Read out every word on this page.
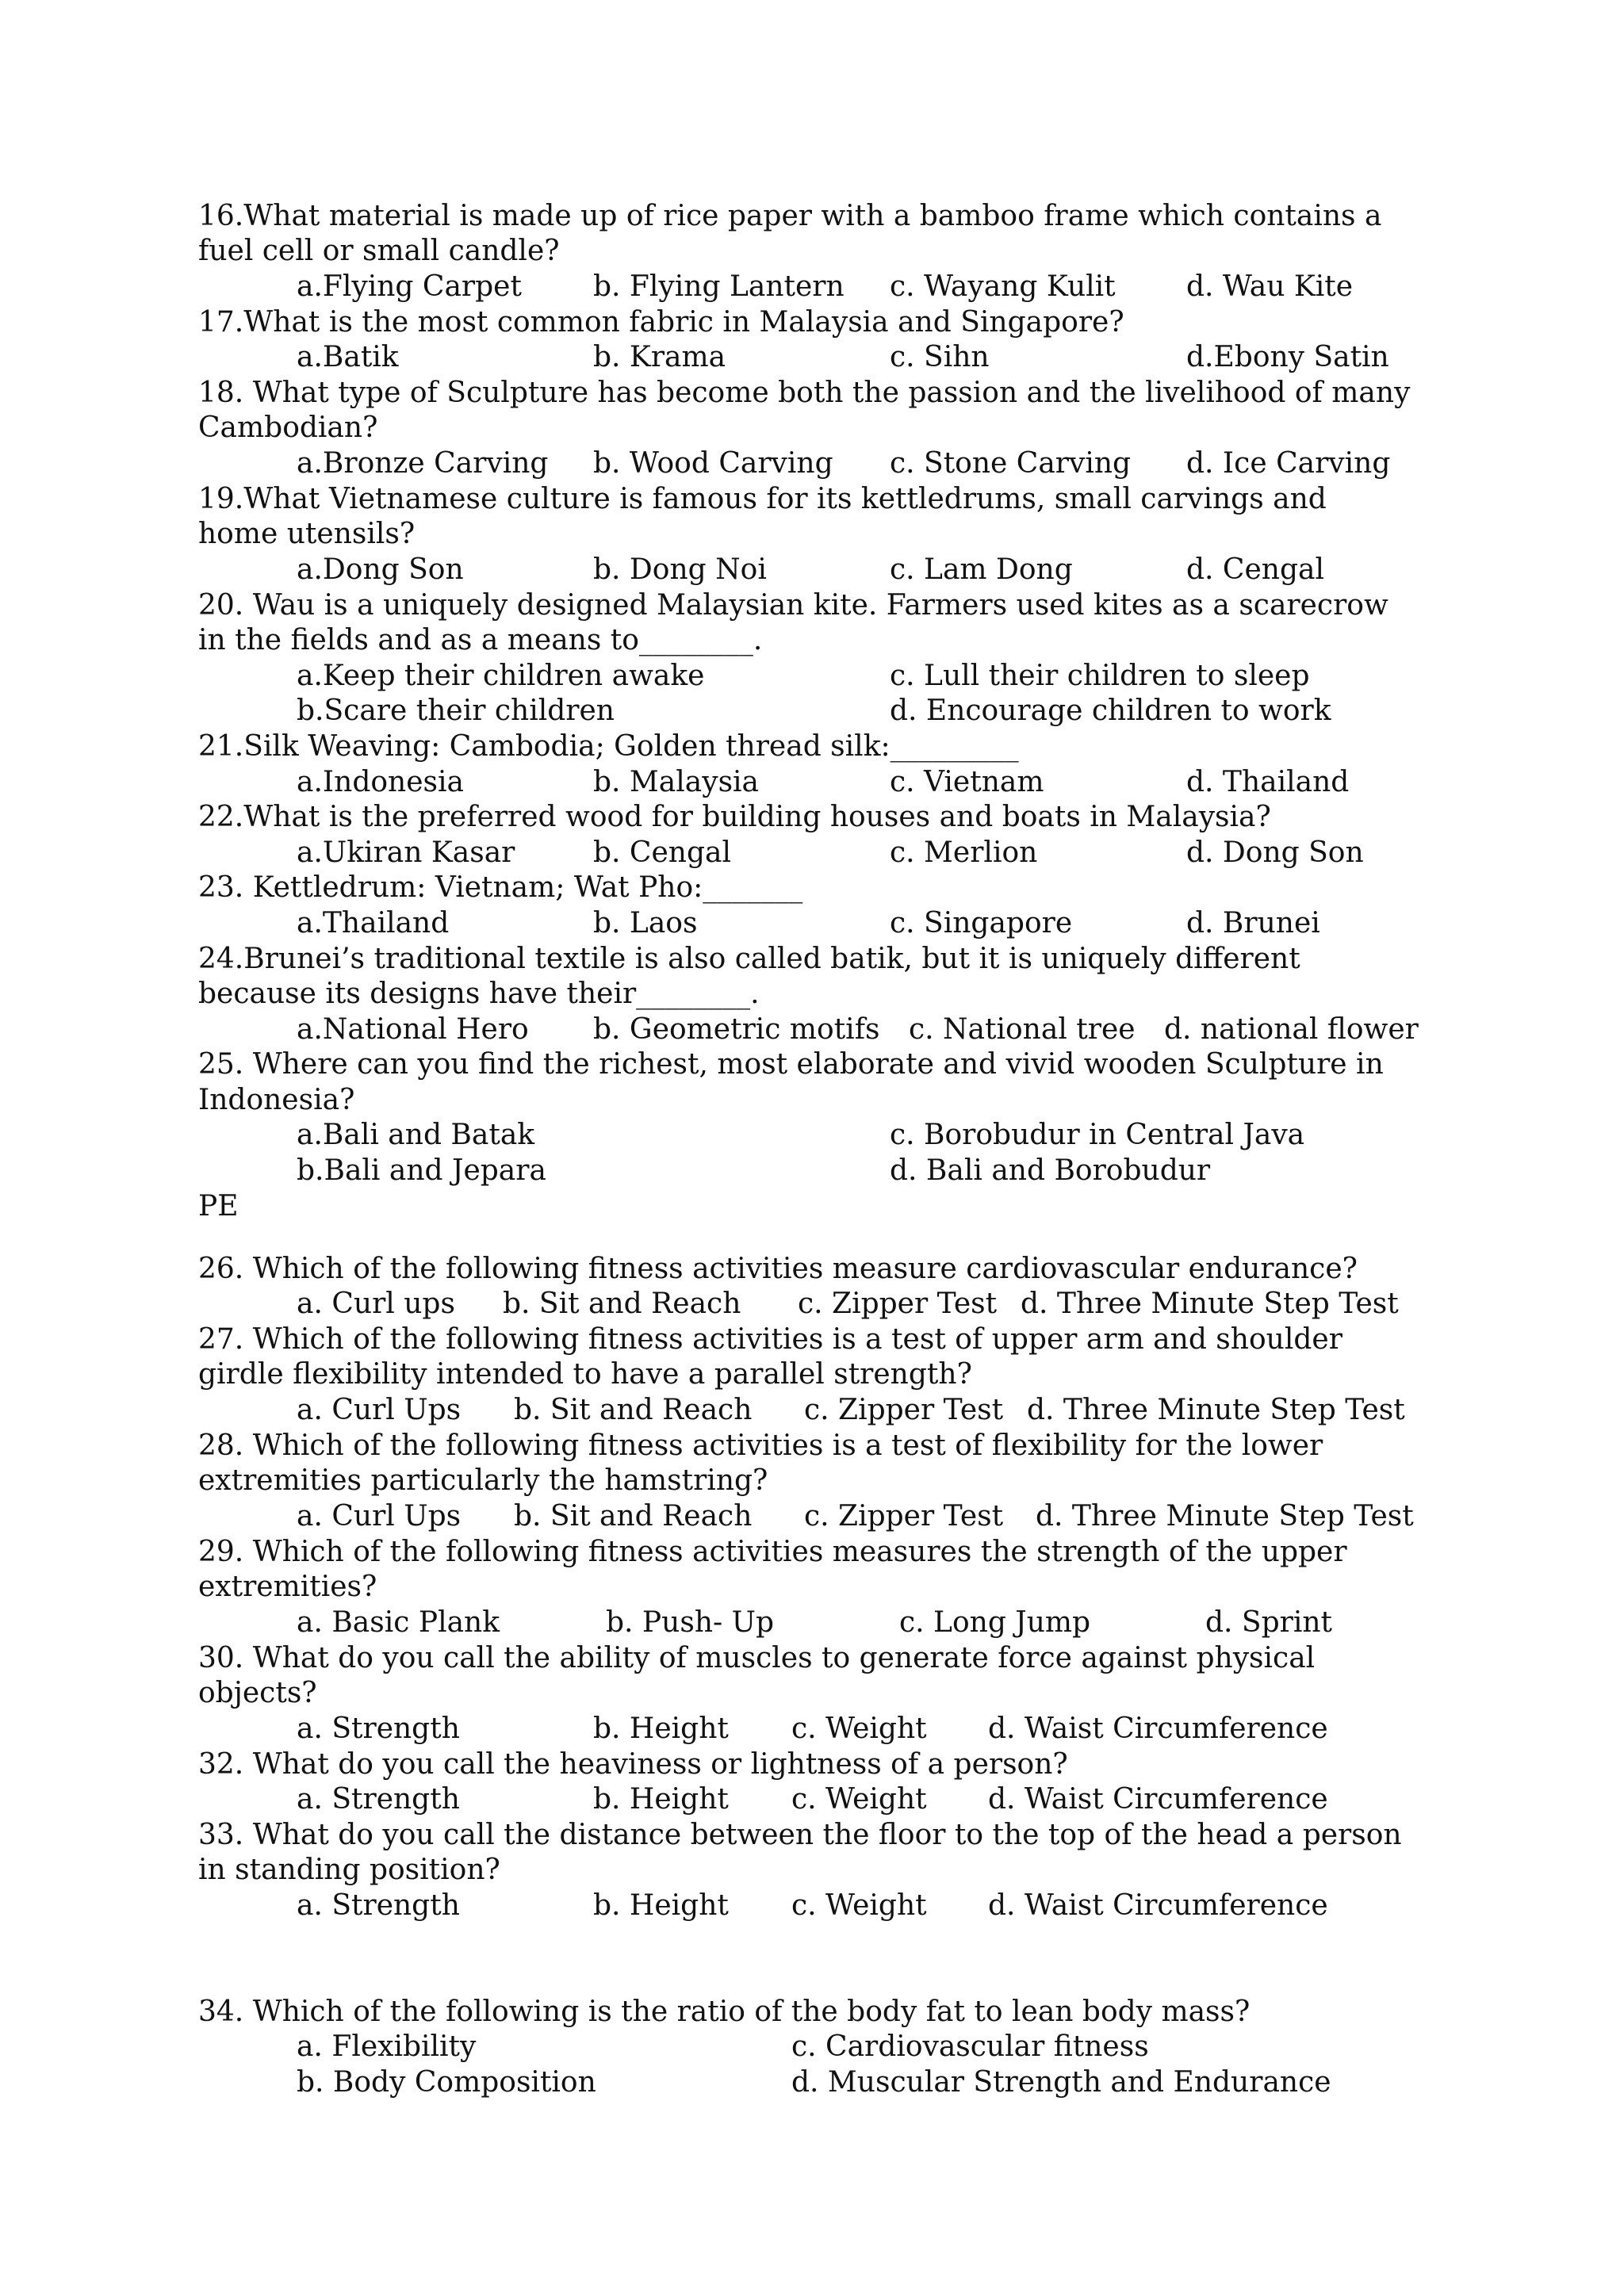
16.What material is made up of rice paper with a bamboo frame which contains a
fuel cell or small candle?
a.Flying Carpet	b. Flying Lantern c. Wayang Kulit d. Wau Kite
17.What is the most common fabric in Malaysia and Singapore?
a.Batik	b. Krama	c. Sihn	d.Ebony Satin
18. What type of Sculpture has become both the passion and the livelihood of many
Cambodian?
a.Bronze Carving b. Wood Carving c. Stone Carving d. Ice Carving
19.What Vietnamese culture is famous for its kettledrums, small carvings and
home utensils?
a.Dong Son	b. Dong Noi	c. Lam Dong	d. Cengal
20. Wau is a uniquely designed Malaysian kite. Farmers used kites as a scarecrow
in the fields and as a means to________.
a.Keep their children awake	c. Lull their children to sleep
b.Scare their children	d. Encourage children to work
21.Silk Weaving: Cambodia; Golden thread silk:_________
a.Indonesia	b. Malaysia	c. Vietnam	d. Thailand
22.What is the preferred wood for building houses and boats in Malaysia?
a.Ukiran Kasar	b. Cengal	c. Merlion	d. Dong Son
23. Kettledrum: Vietnam; Wat Pho:_______
a.Thailand	b. Laos	c. Singapore	d. Brunei
24.Brunei’s traditional textile is also called batik, but it is uniquely different
because its designs have their________.
a.National Hero b. Geometric motifs c. National tree d. national flower
25. Where can you find the richest, most elaborate and vivid wooden Sculpture in
Indonesia?
a.Bali and Batak	c. Borobudur in Central Java
b.Bali and Jepara	d. Bali and Borobudur
PE
26. Which of the following fitness activities measure cardiovascular endurance?
a. Curl ups b. Sit and Reach c. Zipper Test d. Three Minute Step Test
27. Which of the following fitness activities is a test of upper arm and shoulder
girdle flexibility intended to have a parallel strength?
a. Curl Ups b. Sit and Reach c. Zipper Test d. Three Minute Step Test
28. Which of the following fitness activities is a test of flexibility for the lower
extremities particularly the hamstring?
a. Curl Ups b. Sit and Reach c. Zipper Test d. Three Minute Step Test
29. Which of the following fitness activities measures the strength of the upper
extremities?
a. Basic Plank	b. Push- Up	c. Long Jump	d. Sprint
30. What do you call the ability of muscles to generate force against physical
objects?
a. Strength	b. Height c. Weight d. Waist Circumference
32. What do you call the heaviness or lightness of a person?
a. Strength	b. Height c. Weight d. Waist Circumference
33. What do you call the distance between the floor to the top of the head a person
in standing position?
a. Strength	b. Height c. Weight d. Waist Circumference
34. Which of the following is the ratio of the body fat to lean body mass?
a. Flexibility	c. Cardiovascular fitness
b. Body Composition	d. Muscular Strength and Endurance
